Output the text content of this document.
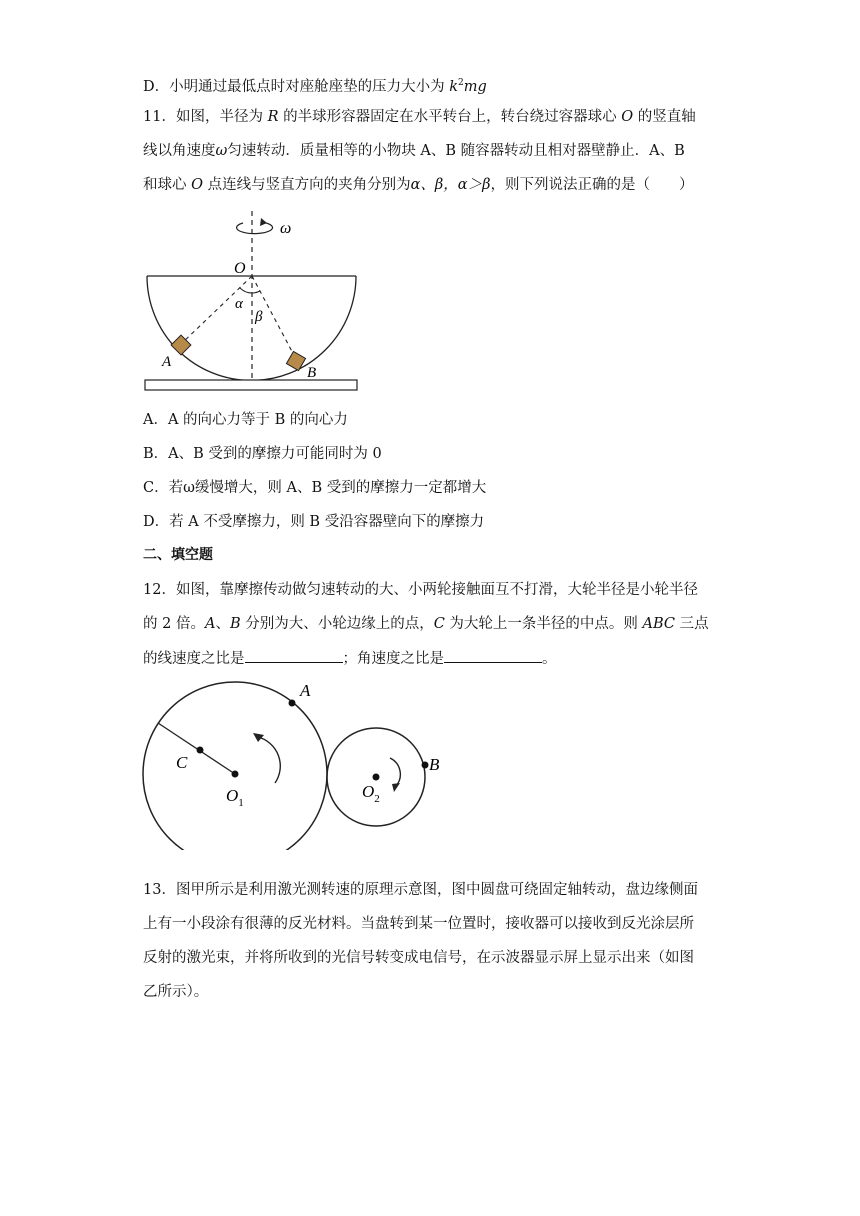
D．小明通过最低点时对座舱座垫的压力大小为 $k^2mg$
11．如图，半径为 R 的半球形容器固定在水平转台上，转台绕过容器球心 O 的竖直轴
线以角速度ω匀速转动．质量相等的小物块 A、B 随容器转动且相对器壁静止．A、B
和球心 O 点连线与竖直方向的夹角分别为α、β，α＞β，则下列说法正确的是（　　）
ω
O
α
β
A
B
A．A 的向心力等于 B 的向心力
B．A、B 受到的摩擦力可能同时为 0
C．若ω缓慢增大，则 A、B 受到的摩擦力一定都增大
D．若 A 不受摩擦力，则 B 受沿容器壁向下的摩擦力
二、填空题
12．如图，靠摩擦传动做匀速转动的大、小两轮接触面互不打滑，大轮半径是小轮半径
的 2 倍。A、B 分别为大、小轮边缘上的点，C 为大轮上一条半径的中点。则 ABC 三点
的线速度之比是	；角速度之比是	。
C
A
$O_1$
B
$O_2$
13．图甲所示是利用激光测转速的原理示意图，图中圆盘可绕固定轴转动，盘边缘侧面
上有一小段涂有很薄的反光材料。当盘转到某一位置时，接收器可以接收到反光涂层所
反射的激光束，并将所收到的光信号转变成电信号，在示波器显示屏上显示出来（如图
乙所示）。
